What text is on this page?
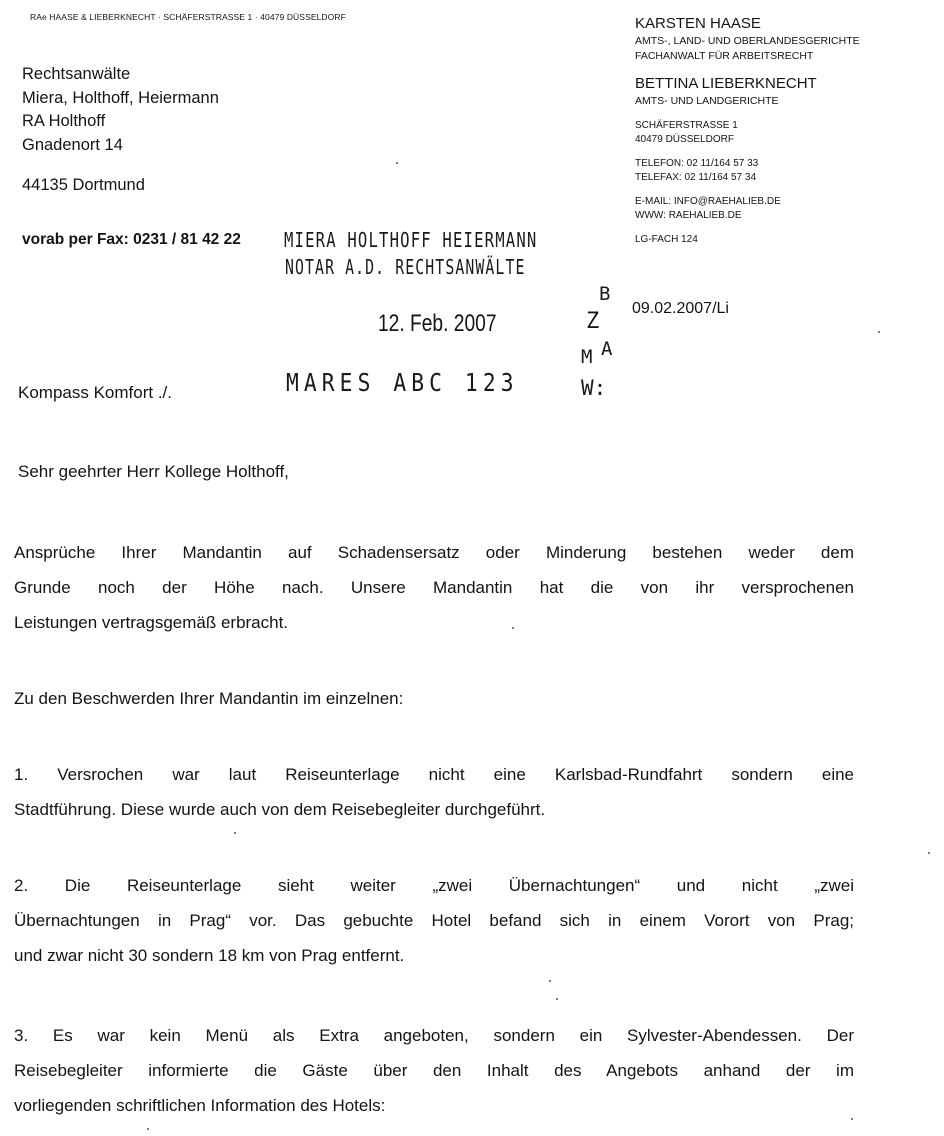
RAe HAASE & LIEBERKNECHT · SCHÄFERSTRASSE 1 · 40479 DÜSSELDORF
Rechtsanwälte
Miera, Holthoff, Heiermann
RA Holthoff
Gnadenort 14
44135 Dortmund
vorab per Fax: 0231 / 81 42 22
KARSTEN HAASE
AMTS-, LAND- UND OBERLANDESGERICHTE
FACHANWALT FÜR ARBEITSRECHT
BETTINA LIEBERKNECHT
AMTS- UND LANDGERICHTE
SCHÄFERSTRASSE 1
40479 DÜSSELDORF
TELEFON: 02 11/164 57 33
TELEFAX: 02 11/164 57 34
E-MAIL: INFO@RAEHALIEB.DE
WWW: RAEHALIEB.DE
LG-FACH 124
09.02.2007/Li
MIERA HOLTHOFF HEIERMANN
NOTAR A.D. RECHTSANWÄLTE
12. Feb. 2007
MARES ABC 123
B
Z
A
M
W:
Kompass Komfort ./.
Sehr geehrter Herr Kollege Holthoff,
Ansprüche Ihrer Mandantin auf Schadensersatz oder Minderung bestehen weder dem
Grunde noch der Höhe nach. Unsere Mandantin hat die von ihr versprochenen
Leistungen vertragsgemäß erbracht.
Zu den Beschwerden Ihrer Mandantin im einzelnen:
1. Versrochen war laut Reiseunterlage nicht eine Karlsbad-Rundfahrt sondern eine
Stadtführung. Diese wurde auch von dem Reisebegleiter durchgeführt.
2. Die Reiseunterlage sieht weiter „zwei Übernachtungen“ und nicht „zwei
Übernachtungen in Prag“ vor. Das gebuchte Hotel befand sich in einem Vorort von Prag;
und zwar nicht 30 sondern 18 km von Prag entfernt.
3. Es war kein Menü als Extra angeboten, sondern ein Sylvester-Abendessen. Der
Reisebegleiter informierte die Gäste über den Inhalt des Angebots anhand der im
vorliegenden schriftlichen Information des Hotels:
